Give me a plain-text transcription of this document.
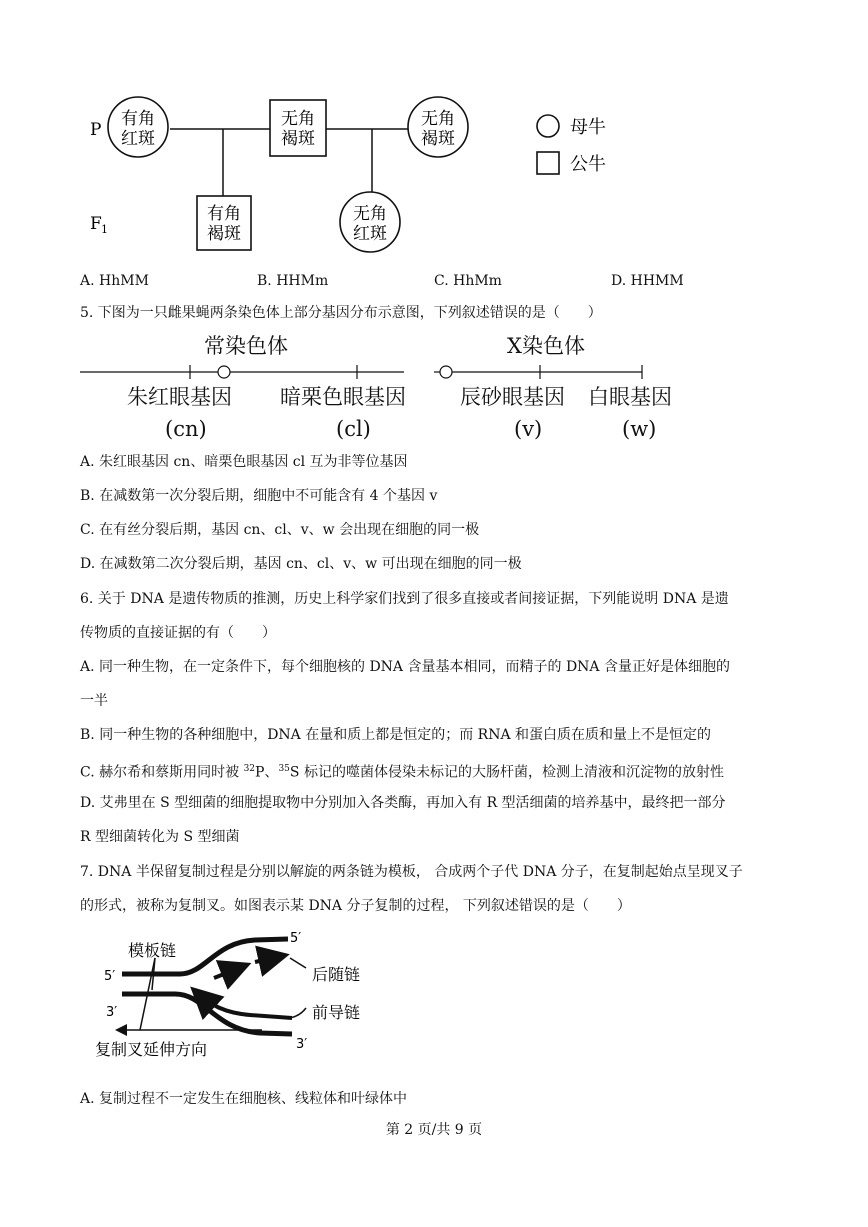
有角
红斑
无角
褐斑
无角
褐斑
有角
褐斑
无角
红斑
P
F 1
母牛
公牛
A. HhMM	B. HHMm	C. HhMm	D. HHMM
5. 下图为一只雌果蝇两条染色体上部分基因分布示意图，下列叙述错误的是（　　）
常染色体	X染色体
朱红眼基因
(cn)
暗栗色眼基因
(cl)
辰砂眼基因
(v)
白眼基因
(w)
A. 朱红眼基因 cn、暗栗色眼基因 cl 互为非等位基因
B. 在减数第一次分裂后期，细胞中不可能含有 4 个基因 v
C. 在有丝分裂后期，基因 cn、cl、v、w 会出现在细胞的同一极
D. 在减数第二次分裂后期，基因 cn、cl、v、w 可出现在细胞的同一极
6. 关于 DNA 是遗传物质的推测，历史上科学家们找到了很多直接或者间接证据，下列能说明 DNA 是遗
传物质的直接证据的有（　　）
A. 同一种生物，在一定条件下，每个细胞核的 DNA 含量基本相同，而精子的 DNA 含量正好是体细胞的
一半
B. 同一种生物的各种细胞中，DNA 在量和质上都是恒定的；而 RNA 和蛋白质在质和量上不是恒定的
C. 赫尔希和蔡斯用同时被 $^{32}$P、$^{35}$S 标记的噬菌体侵染未标记的大肠杆菌，检测上清液和沉淀物的放射性
D. 艾弗里在 S 型细菌的细胞提取物中分别加入各类酶，再加入有 R 型活细菌的培养基中，最终把一部分
R 型细菌转化为 S 型细菌
7. DNA 半保留复制过程是分别以解旋的两条链为模板， 合成两个子代 DNA 分子，在复制起始点呈现叉子
的形式，被称为复制叉。如图表示某 DNA 分子复制的过程， 下列叙述错误的是（　　）
模板链
5′
5′
3′
3′
后随链
前导链
复制叉延伸方向
A. 复制过程不一定发生在细胞核、线粒体和叶绿体中
第 2 页/共 9 页
